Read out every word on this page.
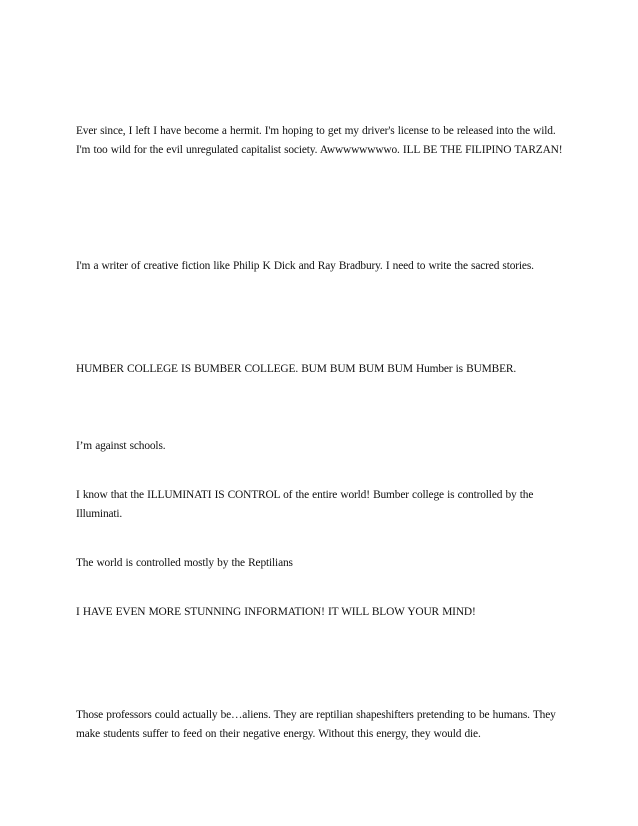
Ever since, I left I have become a hermit. I'm hoping to get my driver's license to be released into the wild. I'm too wild for the evil unregulated capitalist society. Awwwwwwwwo. ILL BE THE FILIPINO TARZAN!

I'm a writer of creative fiction like Philip K Dick and Ray Bradbury. I need to write the sacred stories.

HUMBER COLLEGE IS BUMBER COLLEGE. BUM BUM BUM BUM Humber is BUMBER.

I’m against schools.

I know that the ILLUMINATI IS CONTROL of the entire world! Bumber college is controlled by the Illuminati.

The world is controlled mostly by the Reptilians

I HAVE EVEN MORE STUNNING INFORMATION! IT WILL BLOW YOUR MIND!

Those professors could actually be…aliens. They are reptilian shapeshifters pretending to be humans. They make students suffer to feed on their negative energy. Without this energy, they would die.
